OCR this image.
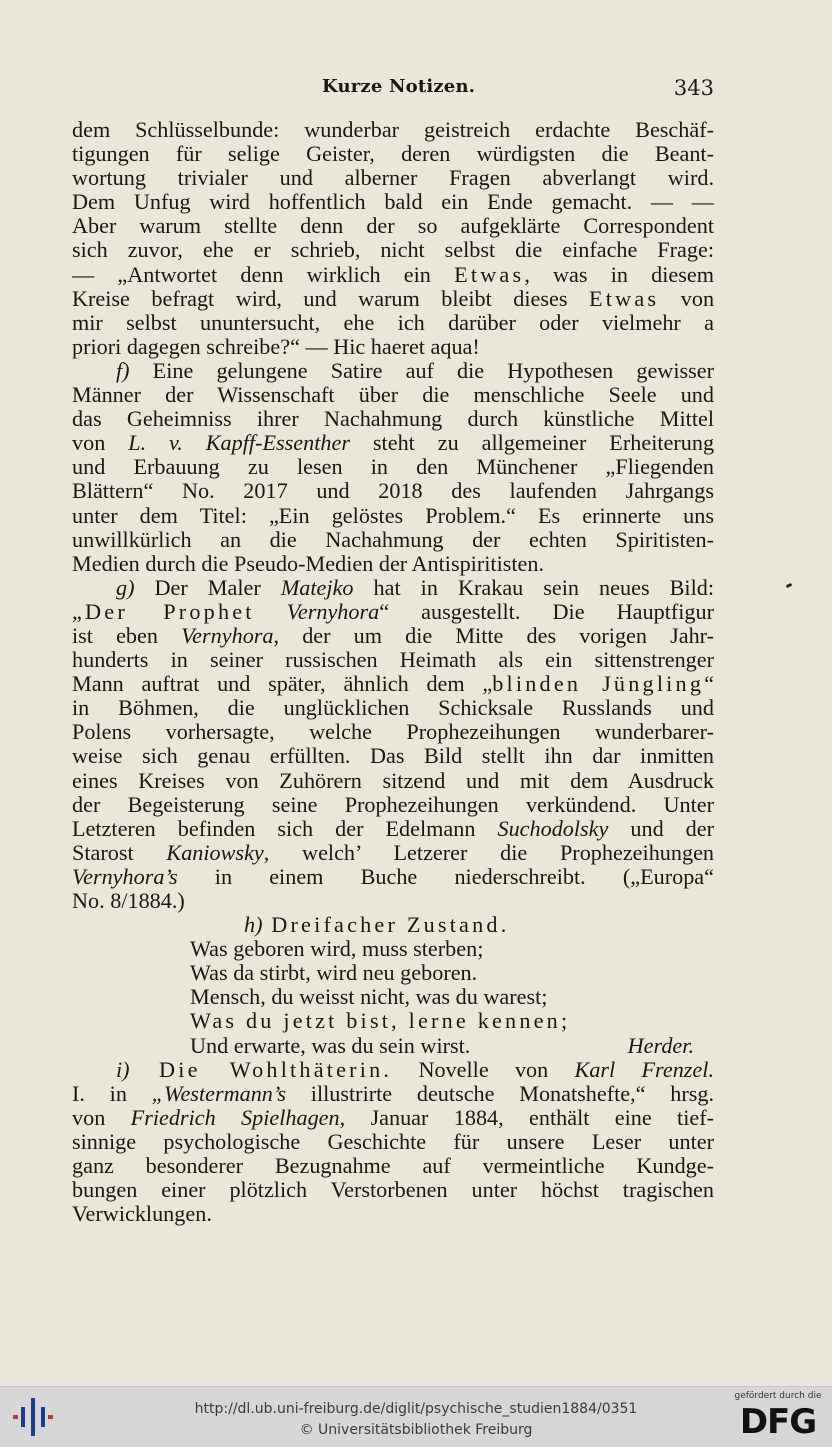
Kurze Notizen.	343
dem Schlüsselbunde: wunderbar geistreich erdachte Beschäf-
tigungen für selige Geister, deren würdigsten die Beant-
wortung trivialer und alberner Fragen abverlangt wird.
Dem Unfug wird hoffentlich bald ein Ende gemacht. — —
Aber warum stellte denn der so aufgeklärte Correspondent
sich zuvor, ehe er schrieb, nicht selbst die einfache Frage:
— „Antwortet denn wirklich ein Etwas, was in diesem
Kreise befragt wird, und warum bleibt dieses Etwas von
mir selbst ununtersucht, ehe ich darüber oder vielmehr a
priori dagegen schreibe?“ — Hic haeret aqua!
f) Eine gelungene Satire auf die Hypothesen gewisser
Männer der Wissenschaft über die menschliche Seele und
das Geheimniss ihrer Nachahmung durch künstliche Mittel
von L. v. Kapff-Essenther steht zu allgemeiner Erheiterung
und Erbauung zu lesen in den Münchener „Fliegenden
Blättern“ No. 2017 und 2018 des laufenden Jahrgangs
unter dem Titel: „Ein gelöstes Problem.“ Es erinnerte uns
unwillkürlich an die Nachahmung der echten Spiritisten-
Medien durch die Pseudo-Medien der Antispiritisten.
g) Der Maler Matejko hat in Krakau sein neues Bild:
„Der Prophet Vernyhora“ ausgestellt. Die Hauptfigur
ist eben Vernyhora, der um die Mitte des vorigen Jahr-
hunderts in seiner russischen Heimath als ein sittenstrenger
Mann auftrat und später, ähnlich dem „blinden Jüngling“
in Böhmen, die unglücklichen Schicksale Russlands und
Polens vorhersagte, welche Prophezeihungen wunderbarer-
weise sich genau erfüllten. Das Bild stellt ihn dar inmitten
eines Kreises von Zuhörern sitzend und mit dem Ausdruck
der Begeisterung seine Prophezeihungen verkündend. Unter
Letzteren befinden sich der Edelmann Suchodolsky und der
Starost Kaniowsky, welch’ Letzerer die Prophezeihungen
Vernyhora’s in einem Buche niederschreibt. („Europa“
No. 8/1884.)
h) Dreifacher Zustand.
Was geboren wird, muss sterben;
Was da stirbt, wird neu geboren.
Mensch, du weisst nicht, was du warest;
Was du jetzt bist, lerne kennen;
Und erwarte, was du sein wirst.	Herder.
i) Die Wohlthäterin. Novelle von Karl Frenzel.
I. in „Westermann’s illustrirte deutsche Monatshefte,“ hrsg.
von Friedrich Spielhagen, Januar 1884, enthält eine tief-
sinnige psychologische Geschichte für unsere Leser unter
ganz besonderer Bezugnahme auf vermeintliche Kundge-
bungen einer plötzlich Verstorbenen unter höchst tragischen
Verwicklungen.
http://dl.ub.uni-freiburg.de/diglit/psychische_studien1884/0351
© Universitätsbibliothek Freiburg
gefördert durch die
DFG
